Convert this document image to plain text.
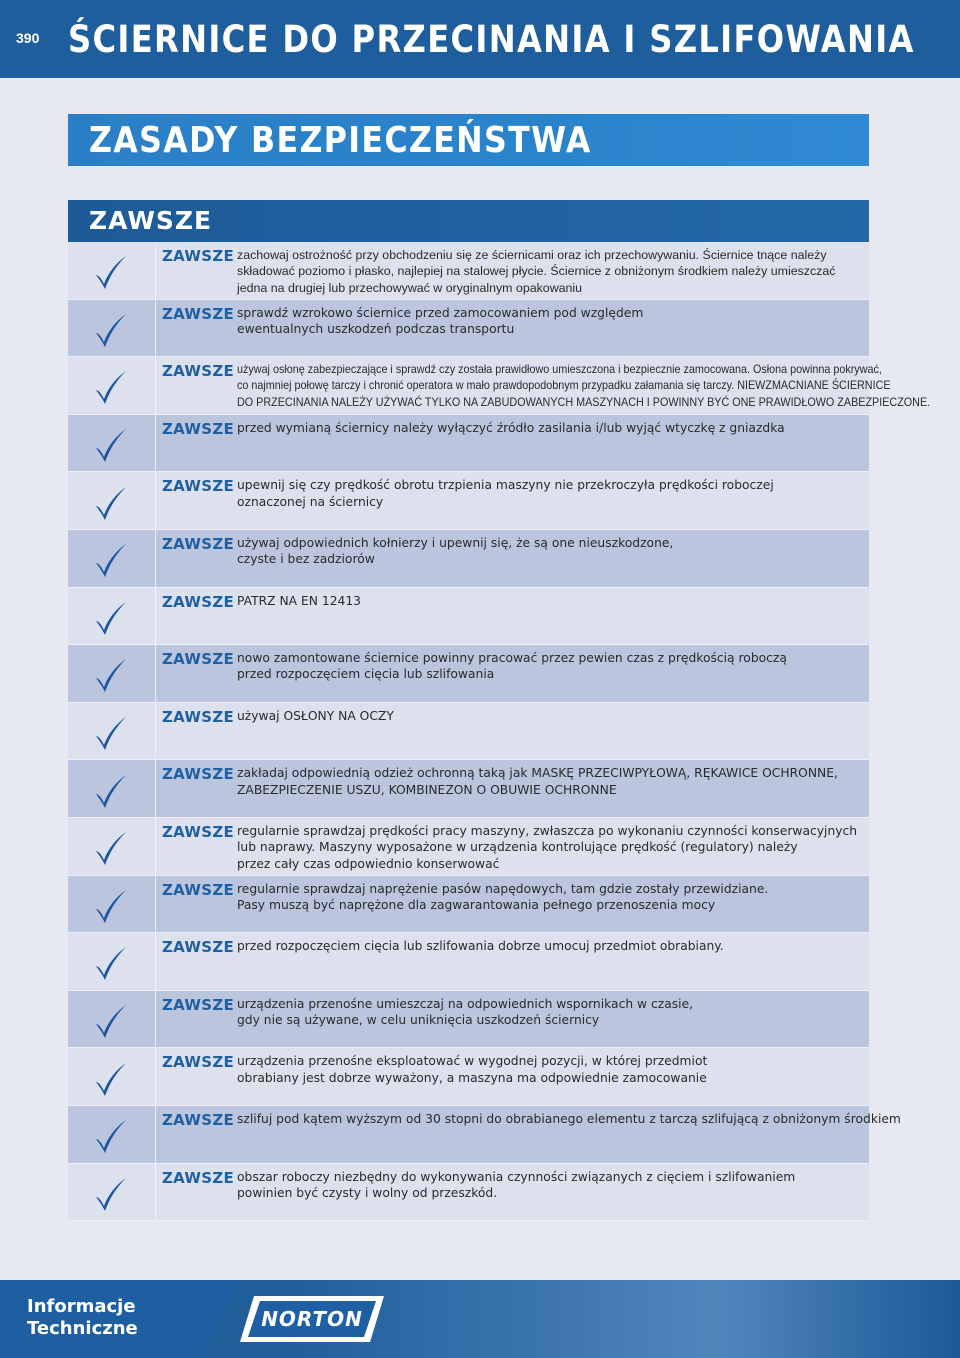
390 ŚCIERNICE DO PRZECINANIA I SZLIFOWANIA
ZASADY BEZPIECZEŃSTWA
ZAWSZE
ZAWSZE zachowaj ostrożność przy obchodzeniu się ze ściernicami oraz ich przechowywaniu. Ściernice tnące należy
składować poziomo i płasko, najlepiej na stalowej płycie. Ściernice z obniżonym środkiem należy umieszczać
jedna na drugiej lub przechowywać w oryginalnym opakowaniu
ZAWSZE sprawdź wzrokowo ściernice przed zamocowaniem pod względem
ewentualnych uszkodzeń podczas transportu
ZAWSZE używaj osłonę zabezpieczające i sprawdź czy została prawidłowo umieszczona i bezpiecznie zamocowana. Osłona powinna pokrywać,
co najmniej połowę tarczy i chronić operatora w mało prawdopodobnym przypadku załamania się tarczy. NIEWZMACNIANE ŚCIERNICE
DO PRZECINANIA NALEŻY UŻYWAĆ TYLKO NA ZABUDOWANYCH MASZYNACH I POWINNY BYĆ ONE PRAWIDŁOWO ZABEZPIECZONE.
ZAWSZE przed wymianą ściernicy należy wyłączyć źródło zasilania i/lub wyjąć wtyczkę z gniazdka
ZAWSZE upewnij się czy prędkość obrotu trzpienia maszyny nie przekroczyła prędkości roboczej
oznaczonej na ściernicy
ZAWSZE używaj odpowiednich kołnierzy i upewnij się, że są one nieuszkodzone,
czyste i bez zadziorów
ZAWSZE PATRZ NA EN 12413
ZAWSZE nowo zamontowane ściernice powinny pracować przez pewien czas z prędkością roboczą
przed rozpoczęciem cięcia lub szlifowania
ZAWSZE używaj OSŁONY NA OCZY
ZAWSZE zakładaj odpowiednią odzież ochronną taką jak MASKĘ PRZECIWPYŁOWĄ, RĘKAWICE OCHRONNE,
ZABEZPIECZENIE USZU, KOMBINEZON O OBUWIE OCHRONNE
ZAWSZE regularnie sprawdzaj prędkości pracy maszyny, zwłaszcza po wykonaniu czynności konserwacyjnych
lub naprawy. Maszyny wyposażone w urządzenia kontrolujące prędkość (regulatory) należy
przez cały czas odpowiednio konserwować
ZAWSZE regularnie sprawdzaj naprężenie pasów napędowych, tam gdzie zostały przewidziane.
Pasy muszą być naprężone dla zagwarantowania pełnego przenoszenia mocy
ZAWSZE przed rozpoczęciem cięcia lub szlifowania dobrze umocuj przedmiot obrabiany.
ZAWSZE urządzenia przenośne umieszczaj na odpowiednich wspornikach w czasie,
gdy nie są używane, w celu uniknięcia uszkodzeń ściernicy
ZAWSZE urządzenia przenośne eksploatować w wygodnej pozycji, w której przedmiot
obrabiany jest dobrze wyważony, a maszyna ma odpowiednie zamocowanie
ZAWSZE szlifuj pod kątem wyższym od 30 stopni do obrabianego elementu z tarczą szlifującą z obniżonym środkiem
ZAWSZE obszar roboczy niezbędny do wykonywania czynności związanych z cięciem i szlifowaniem
powinien być czysty i wolny od przeszkód.
Informacje
Techniczne	NORTON
